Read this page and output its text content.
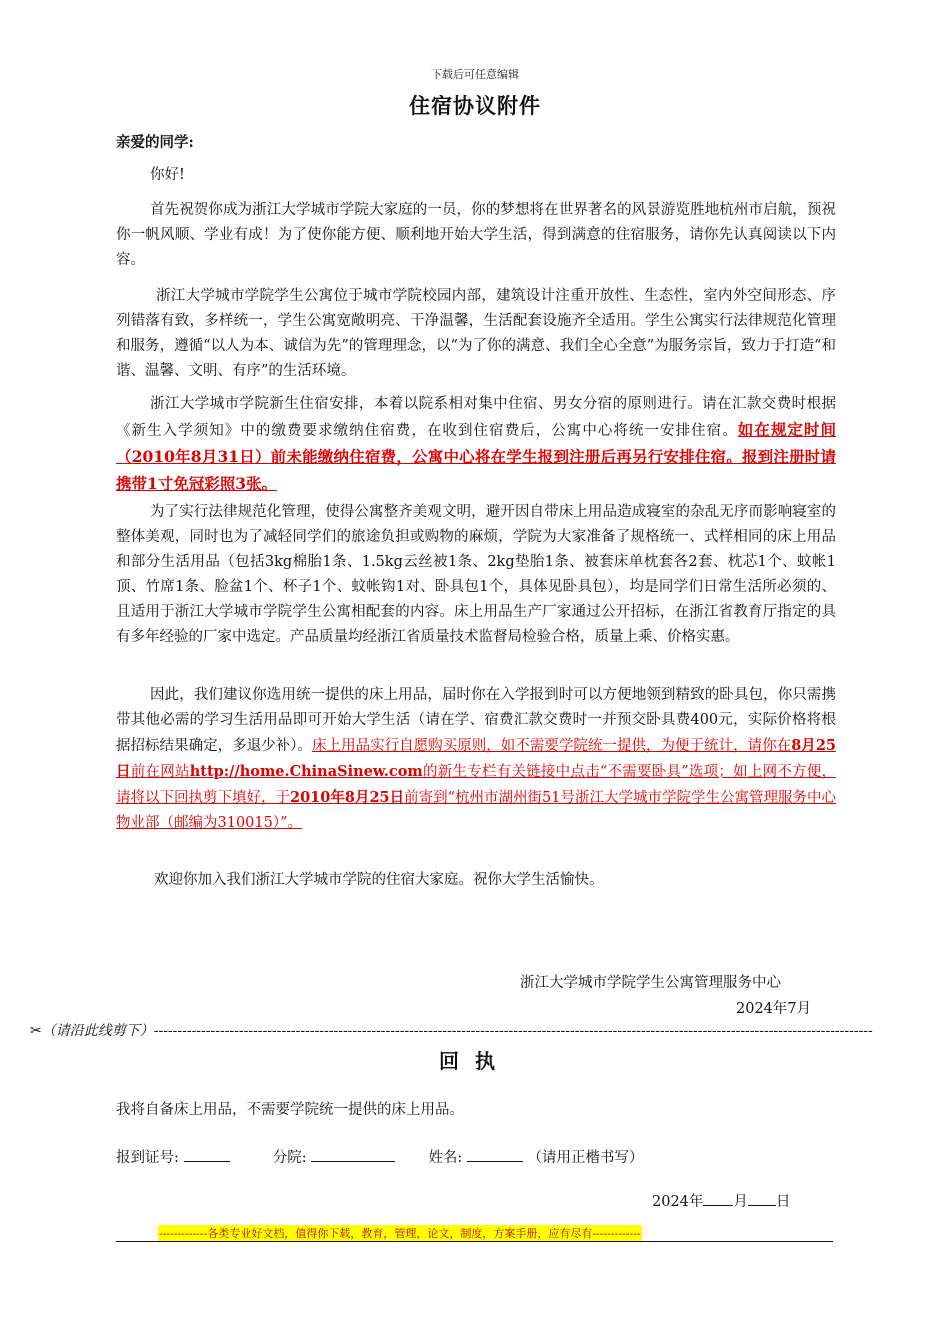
下载后可任意编辑
住宿协议附件
亲爱的同学:
你好!
首先祝贺你成为浙江大学城市学院大家庭的一员，你的梦想将在世界著名的风景游览胜地杭州市启航，预祝你一帆风顺、学业有成！为了使你能方便、顺利地开始大学生活，得到满意的住宿服务，请你先认真阅读以下内容。
浙江大学城市学院学生公寓位于城市学院校园内部，建筑设计注重开放性、生态性，室内外空间形态、序列错落有致，多样统一，学生公寓宽敞明亮、干净温馨，生活配套设施齐全适用。学生公寓实行法律规范化管理和服务，遵循“以人为本、诚信为先”的管理理念，以“为了你的满意、我们全心全意”为服务宗旨，致力于打造“和谐、温馨、文明、有序”的生活环境。
浙江大学城市学院新生住宿安排，本着以院系相对集中住宿、男女分宿的原则进行。请在汇款交费时根据《新生入学须知》中的缴费要求缴纳住宿费，在收到住宿费后，公寓中心将统一安排住宿。如在规定时间（2010年8月31日）前未能缴纳住宿费，公寓中心将在学生报到注册后再另行安排住宿。报到注册时请携带1寸免冠彩照3张。
为了实行法律规范化管理，使得公寓整齐美观文明，避开因自带床上用品造成寝室的杂乱无序而影响寝室的整体美观，同时也为了减轻同学们的旅途负担或购物的麻烦，学院为大家准备了规格统一、式样相同的床上用品和部分生活用品（包括3kg棉胎1条、1.5kg云丝被1条、2kg垫胎1条、被套床单枕套各2套、枕芯1个、蚊帐1顶、竹席1条、脸盆1个、杯子1个、蚊帐钩1对、卧具包1个，具体见卧具包），均是同学们日常生活所必须的、且适用于浙江大学城市学院学生公寓相配套的内容。床上用品生产厂家通过公开招标，在浙江省教育厅指定的具有多年经验的厂家中选定。产品质量均经浙江省质量技术监督局检验合格，质量上乘、价格实惠。
因此，我们建议你选用统一提供的床上用品，届时你在入学报到时可以方便地领到精致的卧具包，你只需携带其他必需的学习生活用品即可开始大学生活（请在学、宿费汇款交费时一并预交卧具费400元，实际价格将根据招标结果确定，多退少补）。床上用品实行自愿购买原则，如不需要学院统一提供，为便于统计，请你在8月25日前在网站http://home.ChinaSinew.com的新生专栏有关链接中点击“不需要卧具”选项；如上网不方便，请将以下回执剪下填好，于2010年8月25日前寄到“杭州市湖州街51号浙江大学城市学院学生公寓管理服务中心物业部（邮编为310015）”。
欢迎你加入我们浙江大学城市学院的住宿大家庭。祝你大学生活愉快。
浙江大学城市学院学生公寓管理服务中心
2024年7月
✂（请沿此线剪下）--------------------------------------------------------------------------------------------------------------------------------------------------------
回执
我将自备床上用品，不需要学院统一提供的床上用品。
报到证号:	分院:	姓名:	（请用正楷书写）
2024年 月 日
-------------各类专业好文档，值得你下载，教育，管理，论文，制度，方案手册，应有尽有-------------
